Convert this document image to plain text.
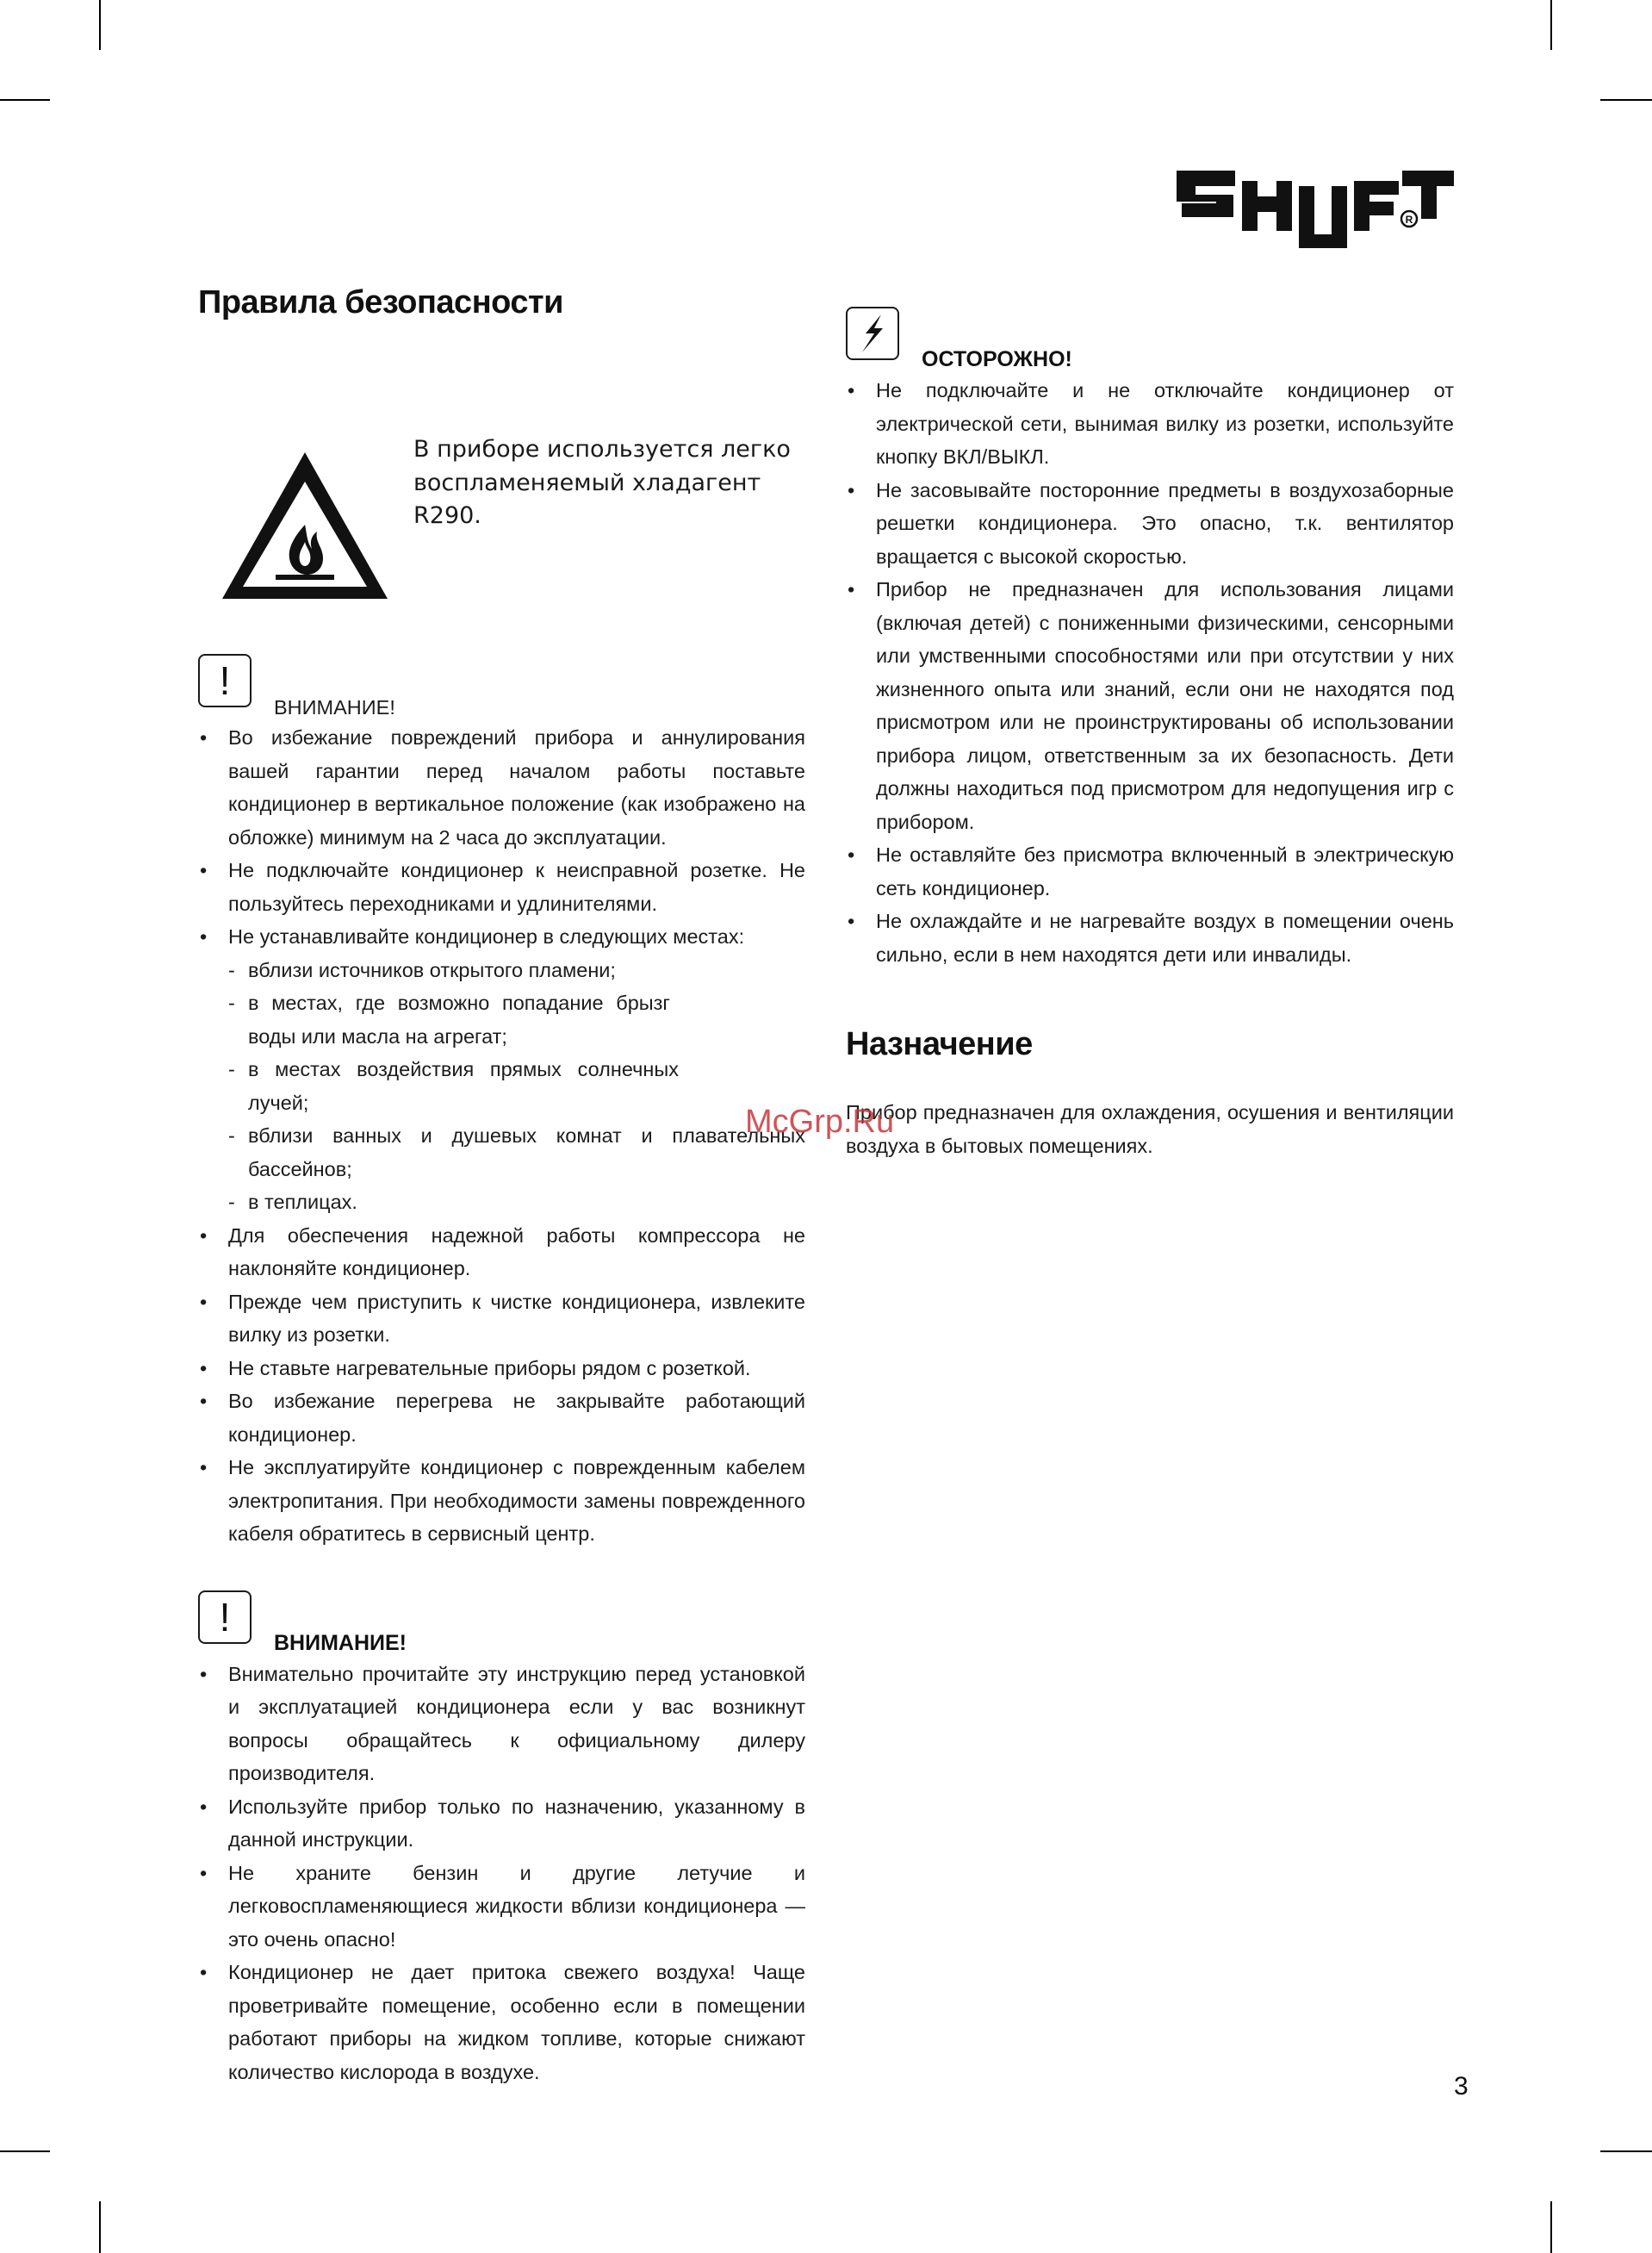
R
Правила безопасности
В приборе используется легко воспламеняемый хладагент R290.
!
ВНИМАНИЕ!
• Во избежание повреждений прибора и аннулирования вашей гарантии перед началом работы поставьте кондиционер в вертикальное положение (как изображено на обложке) минимум на 2 часа до эксплуатации.
• Не подключайте кондиционер к неисправной розетке. Не пользуйтесь переходниками и удлинителями.
• Не устанавливайте кондиционер в следующих местах:
- вблизи источников открытого пламени;
- в местах, где возможно попадание брызг воды или масла на агрегат;
- в местах воздействия прямых солнечных лучей;
- вблизи ванных и душевых комнат и плавательных бассейнов;
- в теплицах.
• Для обеспечения надежной работы компрессора не наклоняйте кондиционер.
• Прежде чем приступить к чистке кондиционера, извлеките вилку из розетки.
• Не ставьте нагревательные приборы рядом с розеткой.
• Во избежание перегрева не закрывайте работающий кондиционер.
• Не эксплуатируйте кондиционер с поврежденным кабелем электропитания. При необходимости замены поврежденного кабеля обратитесь в сервисный центр.
!
ВНИМАНИЕ!
• Внимательно прочитайте эту инструкцию перед установкой и эксплуатацией кондиционера если у вас возникнут вопросы обращайтесь к официальному дилеру производителя.
• Используйте прибор только по назначению, указанному в данной инструкции.
• Не храните бензин и другие летучие и легковоспламеняющиеся жидкости вблизи кондиционера — это очень опасно!
• Кондиционер не дает притока свежего воздуха! Чаще проветривайте помещение, особенно если в помещении работают приборы на жидком топливе, которые снижают количество кислорода в воздухе.
ОСТОРОЖНО!
• Не подключайте и не отключайте кондиционер от электрической сети, вынимая вилку из розетки, используйте кнопку ВКЛ/ВЫКЛ.
• Не засовывайте посторонние предметы в воздухозаборные решетки кондиционера. Это опасно, т.к. вентилятор вращается с высокой скоростью.
• Прибор не предназначен для использования лицами (включая детей) с пониженными физическими, сенсорными или умственными способностями или при отсутствии у них жизненного опыта или знаний, если они не находятся под присмотром или не проинструктированы об использовании прибора лицом, ответственным за их безопасность. Дети должны находиться под присмотром для недопущения игр с прибором.
• Не оставляйте без присмотра включенный в электрическую сеть кондиционер.
• Не охлаждайте и не нагревайте воздух в помещении очень сильно, если в нем находятся дети или инвалиды.
Назначение
Прибор предназначен для охлаждения, осушения и вентиляции воздуха в бытовых помещениях.
McGrp.Ru
3
